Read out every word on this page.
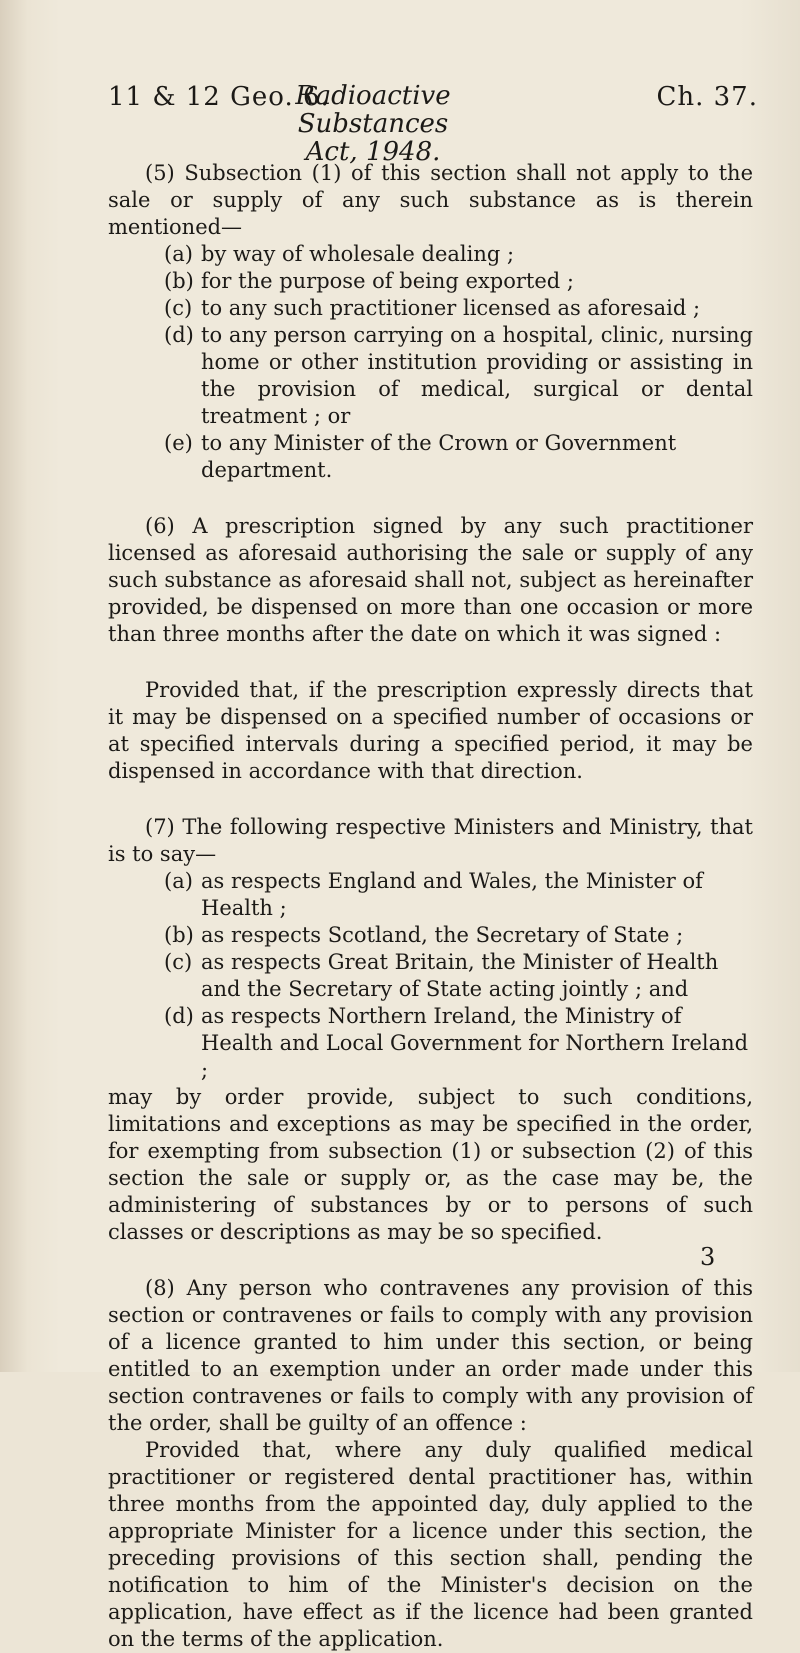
11 & 12 Geo. 6.
Radioactive Substances
Act, 1948.
Ch. 37.

(5) Subsection (1) of this section shall not apply to the sale or supply of any such substance as is therein mentioned—

(a) by way of wholesale dealing ;
(b) for the purpose of being exported ;
(c) to any such practitioner licensed as aforesaid ;
(d) to any person carrying on a hospital, clinic, nursing home or other institution providing or assisting in the provision of medical, surgical or dental treatment ; or
(e) to any Minister of the Crown or Government department.

(6) A prescription signed by any such practitioner licensed as aforesaid authorising the sale or supply of any such substance as aforesaid shall not, subject as hereinafter provided, be dispensed on more than one occasion or more than three months after the date on which it was signed :

Provided that, if the prescription expressly directs that it may be dispensed on a specified number of occasions or at specified intervals during a specified period, it may be dispensed in accordance with that direction.

(7) The following respective Ministers and Ministry, that is to say—

(a) as respects England and Wales, the Minister of Health ;
(b) as respects Scotland, the Secretary of State ;
(c) as respects Great Britain, the Minister of Health and the Secretary of State acting jointly ; and
(d) as respects Northern Ireland, the Ministry of Health and Local Government for Northern Ireland ;

may by order provide, subject to such conditions, limitations and exceptions as may be specified in the order, for exempting from subsection (1) or subsection (2) of this section the sale or supply or, as the case may be, the administering of substances by or to persons of such classes or descriptions as may be so specified.

(8) Any person who contravenes any provision of this section or contravenes or fails to comply with any provision of a licence granted to him under this section, or being entitled to an exemption under an order made under this section contravenes or fails to comply with any provision of the order, shall be guilty of an offence :

Provided that, where any duly qualified medical practitioner or registered dental practitioner has, within three months from the appointed day, duly applied to the appropriate Minister for a licence under this section, the preceding provisions of this section shall, pending the notification to him of the Minister's decision on the application, have effect as if the licence had been granted on the terms of the application.

3
